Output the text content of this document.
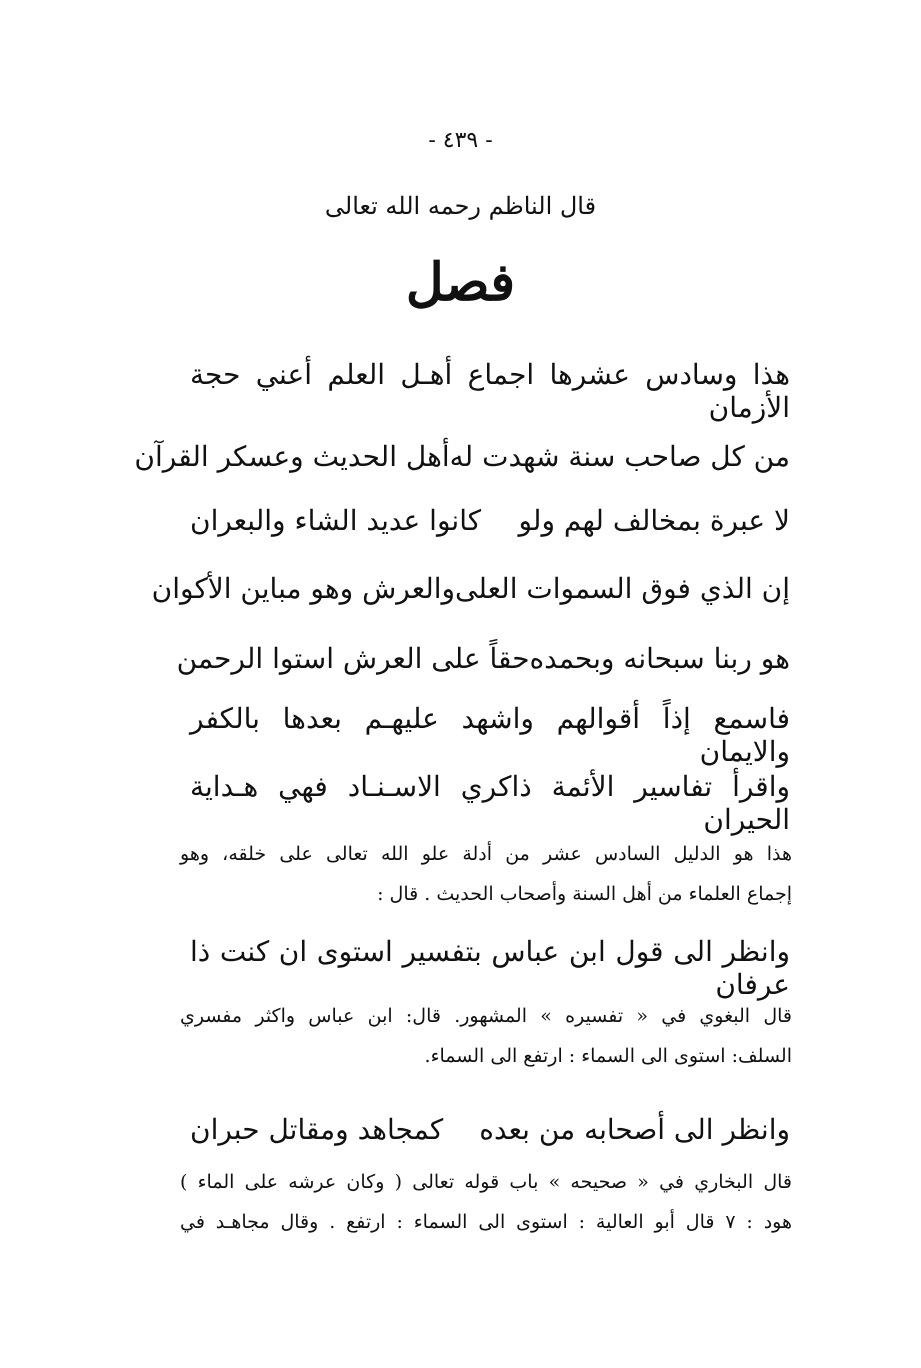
- ٤٣٩ -
قال الناظم رحمه الله تعالى
فصل
هذا وسادس عشرها اجماع أهـل العلم أعني حجة الأزمان
من كل صاحب سنة شهدت له
أهل الحديث وعسكر القرآن
لا عبرة بمخالف لهم ولو
كانوا عديد الشاء والبعران
إن الذي فوق السموات العلى
والعرش وهو مباين الأكوان
هو ربنا سبحانه وبحمده
حقاً على العرش استوا الرحمن
فاسمع إذاً أقوالهم واشهد عليهـم بعدها بالكفر والايمان
واقرأ تفاسير الأئمة ذاكري الاسـنـاد فهي هـداية الحيران
هذا هو الدليل السادس عشر من أدلة علو الله تعالى على خلقه، وهو
إجماع العلماء من أهل السنة وأصحاب الحديث . قال :
وانظر الى قول ابن عباس بتفسير استوى ان كنت ذا عرفان
قال البغوي في « تفسيره » المشهور. قال: ابن عباس واكثر مفسري
السلف: استوى الى السماء : ارتفع الى السماء.
وانظر الى أصحابه من بعده
كمجاهد ومقاتل حبران
قال البخاري في « صحيحه » باب قوله تعالى ( وكان عرشه على الماء )
هود : ٧ قال أبو العالية : استوى الى السماء : ارتفع . وقال مجاهـد في
